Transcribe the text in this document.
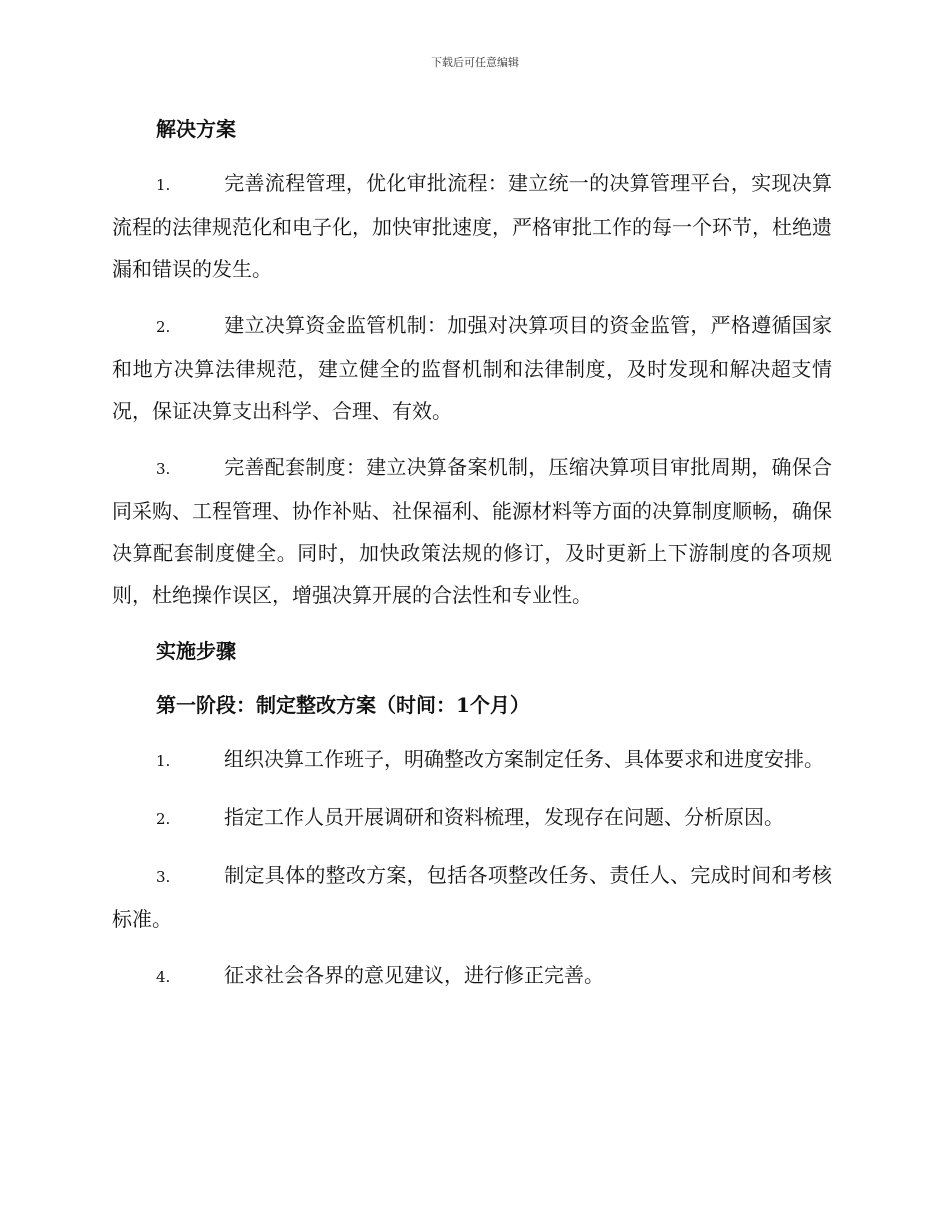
下载后可任意编辑
解决方案

1.	完善流程管理，优化审批流程：建立统一的决算管理平台，实现决算流程的法律规范化和电子化，加快审批速度，严格审批工作的每一个环节，杜绝遗漏和错误的发生。

2.	建立决算资金监管机制：加强对决算项目的资金监管，严格遵循国家和地方决算法律规范，建立健全的监督机制和法律制度，及时发现和解决超支情况，保证决算支出科学、合理、有效。

3.	完善配套制度：建立决算备案机制，压缩决算项目审批周期，确保合同采购、工程管理、协作补贴、社保福利、能源材料等方面的决算制度顺畅，确保决算配套制度健全。同时，加快政策法规的修订，及时更新上下游制度的各项规则，杜绝操作误区，增强决算开展的合法性和专业性。

实施步骤
第一阶段：制定整改方案（时间：1个月）

1.	组织决算工作班子，明确整改方案制定任务、具体要求和进度安排。

2.	指定工作人员开展调研和资料梳理，发现存在问题、分析原因。

3.	制定具体的整改方案，包括各项整改任务、责任人、完成时间和考核标准。

4.	征求社会各界的意见建议，进行修正完善。
